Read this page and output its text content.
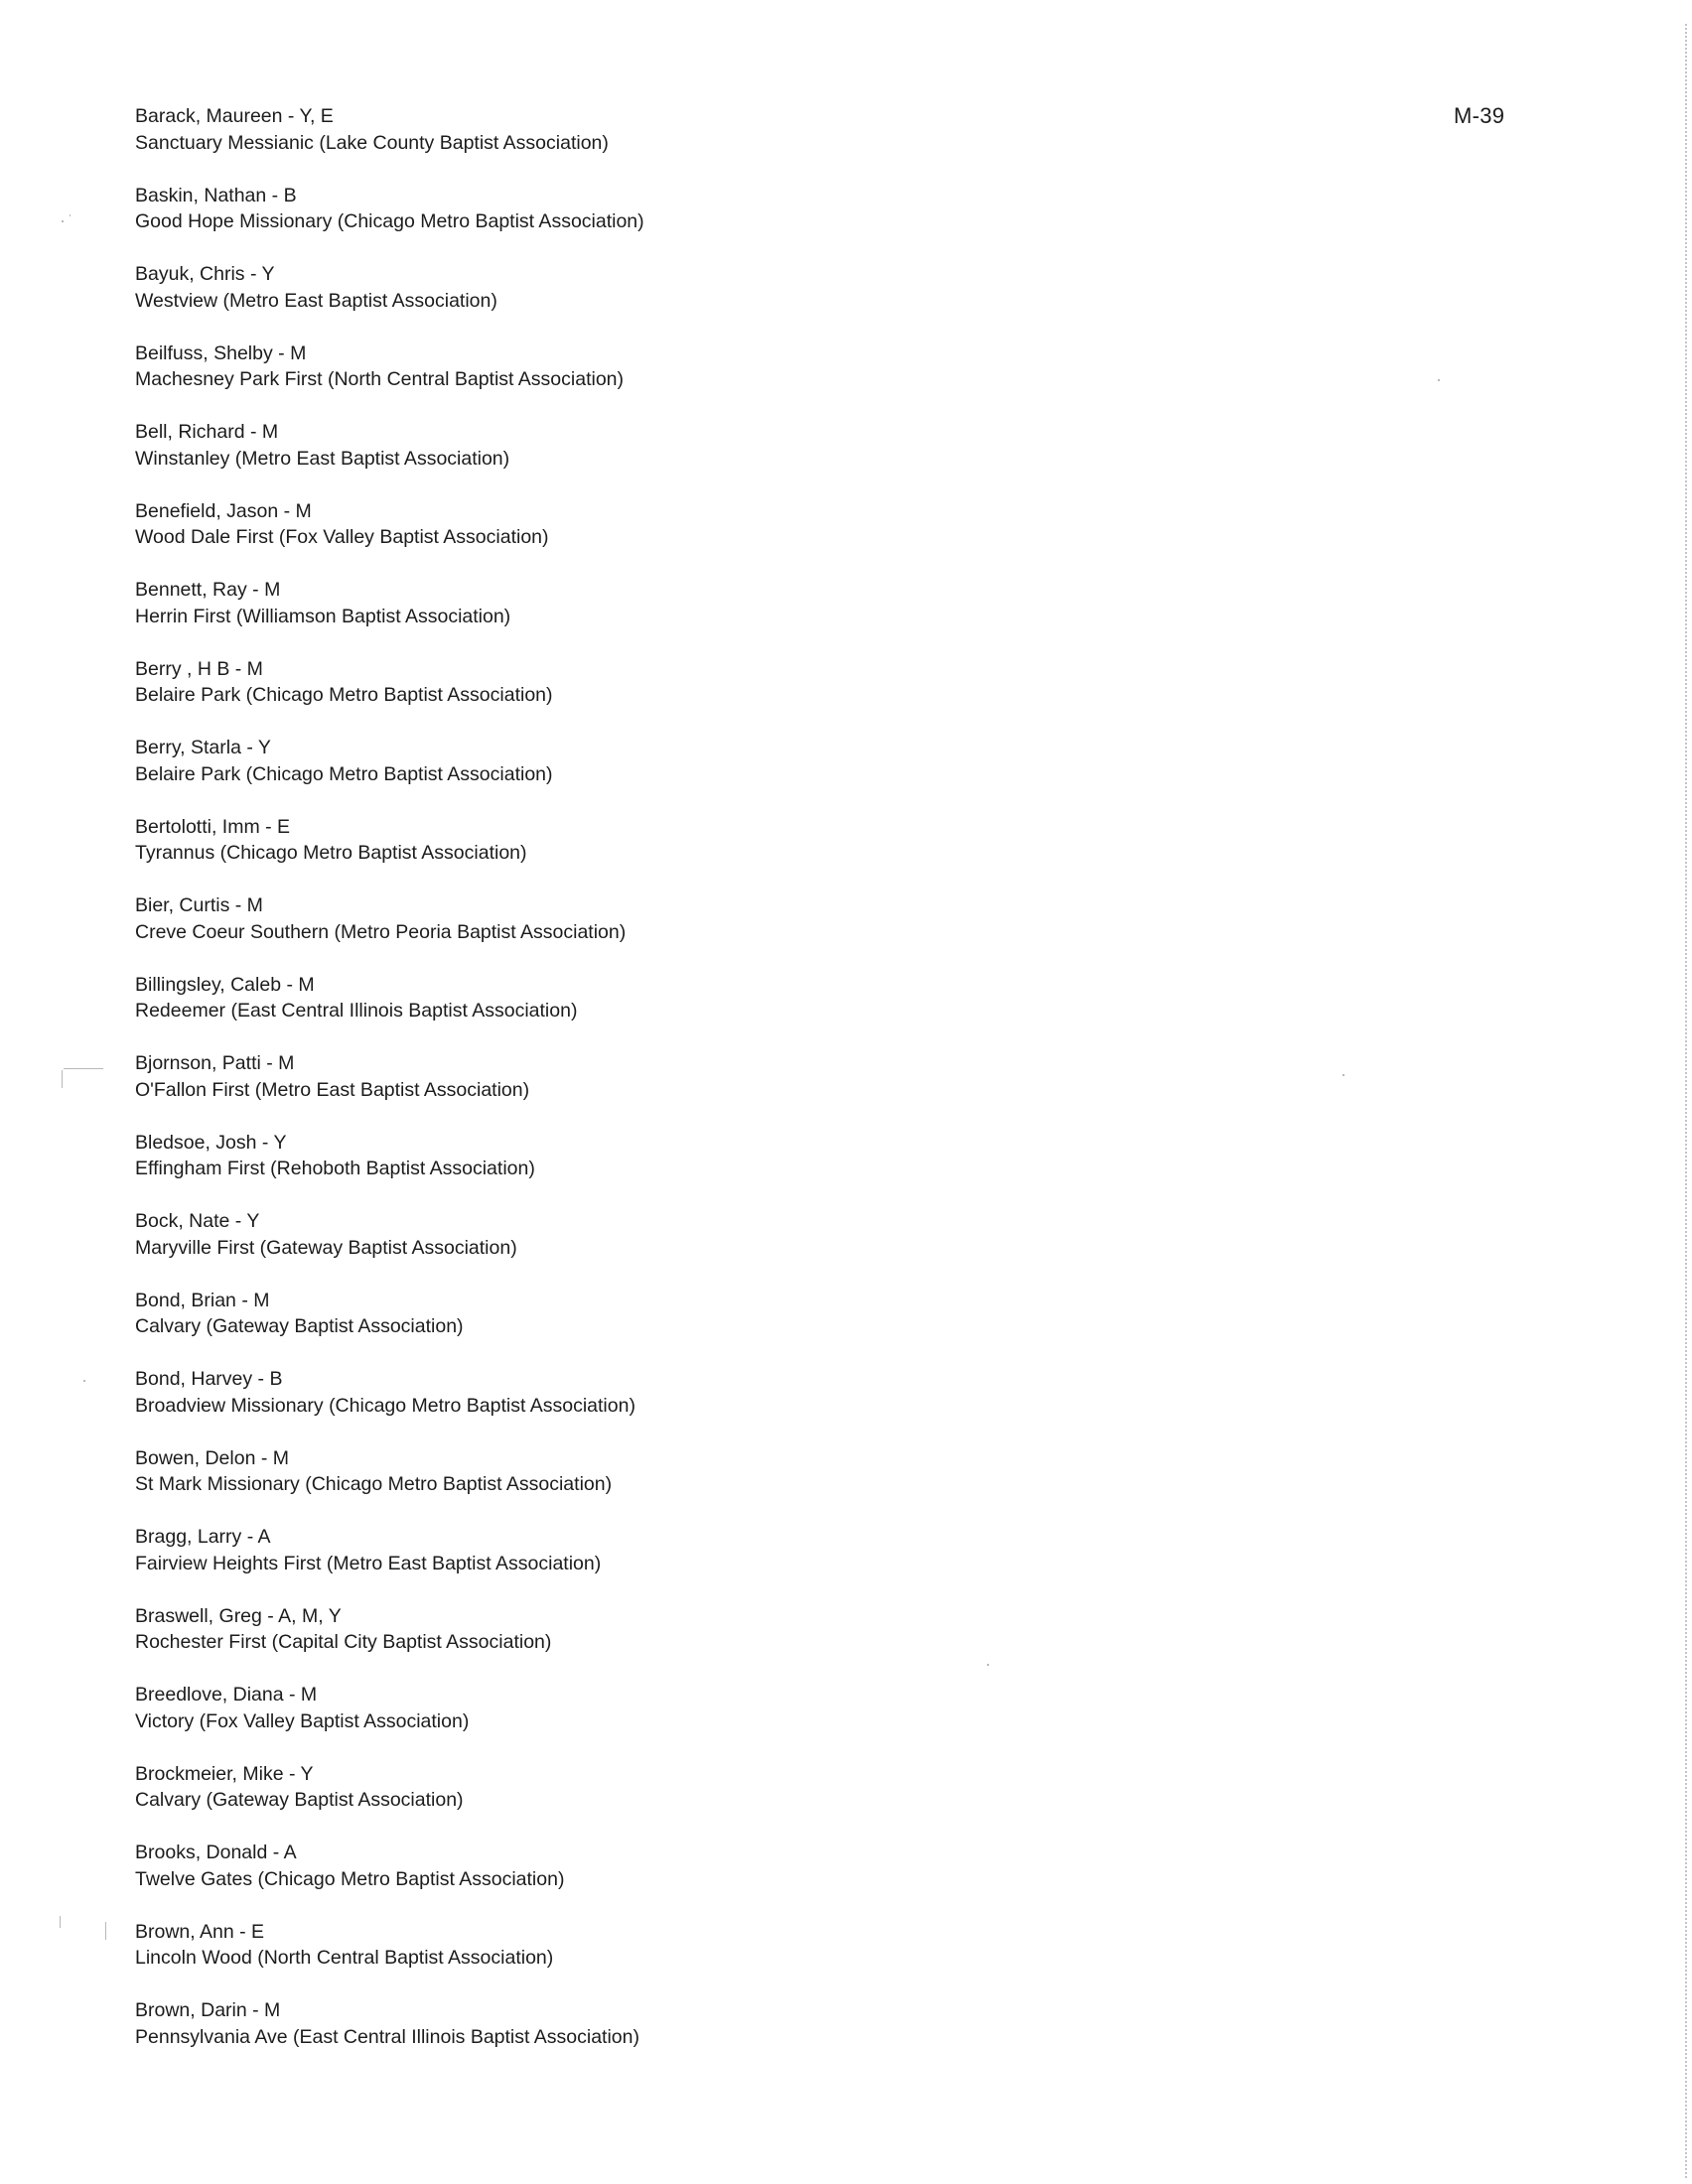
M-39
Barack, Maureen - Y, E
Sanctuary Messianic (Lake County Baptist Association)
Baskin, Nathan - B
Good Hope Missionary (Chicago Metro Baptist Association)
Bayuk, Chris - Y
Westview (Metro East Baptist Association)
Beilfuss, Shelby - M
Machesney Park First (North Central Baptist Association)
Bell, Richard - M
Winstanley (Metro East Baptist Association)
Benefield, Jason - M
Wood Dale First (Fox Valley Baptist Association)
Bennett, Ray - M
Herrin First (Williamson Baptist Association)
Berry , H B - M
Belaire Park (Chicago Metro Baptist Association)
Berry, Starla - Y
Belaire Park (Chicago Metro Baptist Association)
Bertolotti, Imm - E
Tyrannus (Chicago Metro Baptist Association)
Bier, Curtis - M
Creve Coeur Southern (Metro Peoria Baptist Association)
Billingsley, Caleb - M
Redeemer (East Central Illinois Baptist Association)
Bjornson, Patti - M
O'Fallon First (Metro East Baptist Association)
Bledsoe, Josh - Y
Effingham First (Rehoboth Baptist Association)
Bock, Nate - Y
Maryville First (Gateway Baptist Association)
Bond, Brian - M
Calvary (Gateway Baptist Association)
Bond, Harvey - B
Broadview Missionary (Chicago Metro Baptist Association)
Bowen, Delon - M
St Mark Missionary (Chicago Metro Baptist Association)
Bragg, Larry - A
Fairview Heights First (Metro East Baptist Association)
Braswell, Greg - A, M, Y
Rochester First (Capital City Baptist Association)
Breedlove, Diana - M
Victory (Fox Valley Baptist Association)
Brockmeier, Mike - Y
Calvary (Gateway Baptist Association)
Brooks, Donald - A
Twelve Gates (Chicago Metro Baptist Association)
Brown, Ann - E
Lincoln Wood (North Central Baptist Association)
Brown, Darin - M
Pennsylvania Ave (East Central Illinois Baptist Association)
